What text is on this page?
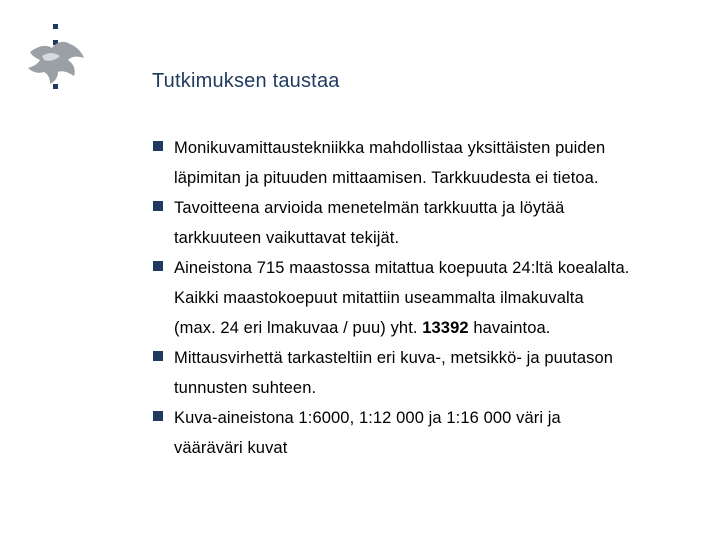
Tutkimuksen taustaa
Monikuvamittaustekniikka mahdollistaa yksittäisten puiden
läpimitan ja pituuden mittaamisen. Tarkkuudesta ei tietoa.
Tavoitteena arvioida menetelmän tarkkuutta ja löytää
tarkkuuteen vaikuttavat tekijät.
Aineistona 715 maastossa mitattua koepuuta 24:ltä koealalta.
Kaikki maastokoepuut mitattiin useammalta ilmakuvalta
(max. 24 eri lmakuvaa / puu) yht. 13392 havaintoa.
Mittausvirhettä tarkasteltiin eri kuva-, metsikkö- ja puutason
tunnusten suhteen.
Kuva-aineistona 1:6000, 1:12 000 ja 1:16 000 väri ja
vääräväri kuvat
